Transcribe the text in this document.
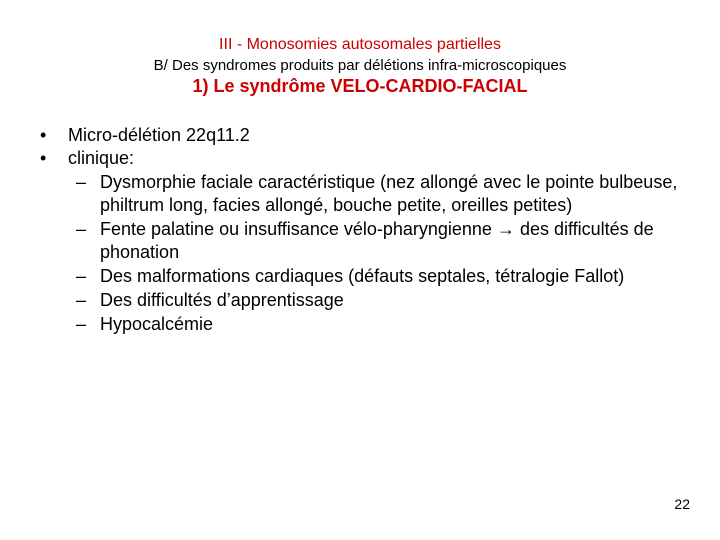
III - Monosomies autosomales partielles
B/ Des syndromes produits par délétions infra-microscopiques
1) Le syndrôme VELO-CARDIO-FACIAL
•	Micro-délétion 22q11.2
•	clinique:
– Dysmorphie faciale caractéristique (nez allongé avec le pointe bulbeuse, philtrum long, facies allongé, bouche petite, oreilles petites)
– Fente palatine ou insuffisance vélo-pharyngienne → des difficultés de phonation
– Des malformations cardiaques (défauts septales, tétralogie Fallot)
– Des difficultés d’apprentissage
– Hypocalcémie
22
